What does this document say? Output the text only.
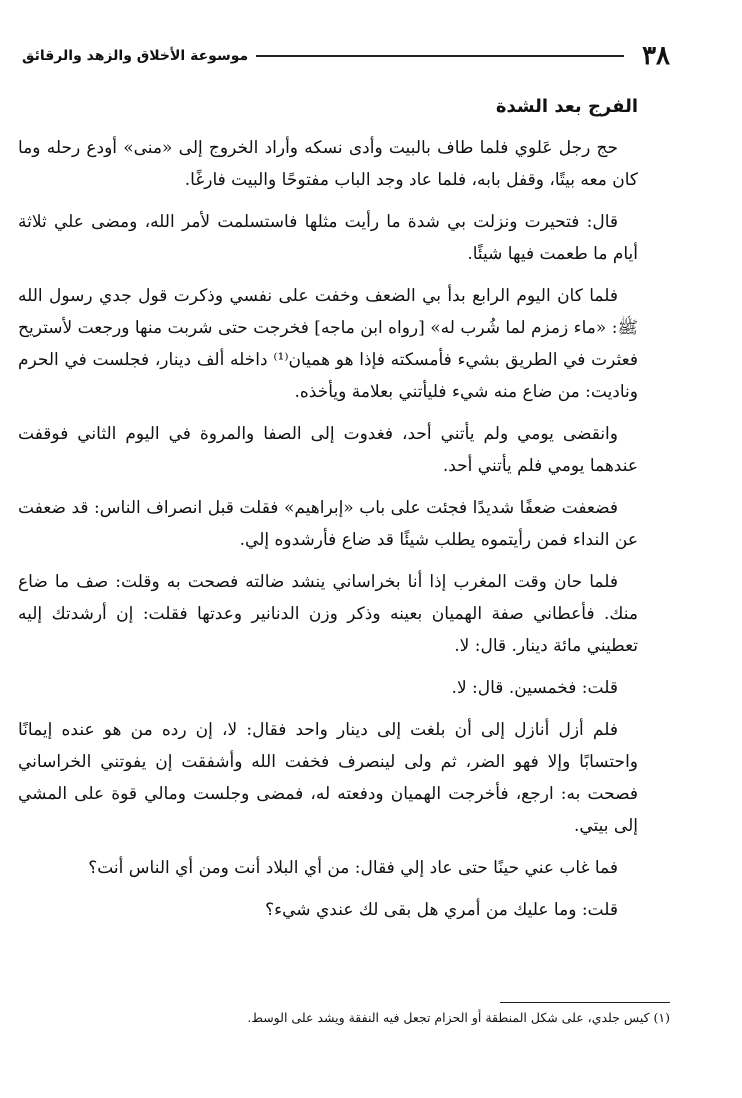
٣٨
موسوعة الأخلاق والزهد والرقائق
الفرج بعد الشدة

حج رجل عَلوي فلما طاف بالبيت وأدى نسكه وأراد الخروج إلى «منى» أودع رحله وما كان معه بيتًا، وقفل بابه، فلما عاد وجد الباب مفتوحًا والبيت فارغًا.

قال: فتحيرت ونزلت بي شدة ما رأيت مثلها فاستسلمت لأمر الله، ومضى علي ثلاثة أيام ما طعمت فيها شيئًا.

فلما كان اليوم الرابع بدأ بي الضعف وخفت على نفسي وذكرت قول جدي رسول الله ﷺ: «ماء زمزم لما شُرب له» [رواه ابن ماجه] فخرجت حتى شربت منها ورجعت لأستريح فعثرت في الطريق بشيء فأمسكته فإذا هو هميان⁽¹⁾ داخله ألف دينار، فجلست في الحرم وناديت: من ضاع منه شيء فليأتني بعلامة ويأخذه.

وانقضى يومي ولم يأتني أحد، فغدوت إلى الصفا والمروة في اليوم الثاني فوقفت عندهما يومي فلم يأتني أحد.

فضعفت ضعفًا شديدًا فجئت على باب «إبراهيم» فقلت قبل انصراف الناس: قد ضعفت عن النداء فمن رأيتموه يطلب شيئًا قد ضاع فأرشدوه إلي.

فلما حان وقت المغرب إذا أنا بخراساني ينشد ضالته فصحت به وقلت: صف ما ضاع منك. فأعطاني صفة الهميان بعينه وذكر وزن الدنانير وعدتها فقلت: إن أرشدتك إليه تعطيني مائة دينار. قال: لا.

قلت: فخمسين. قال: لا.

فلم أزل أنازل إلى أن بلغت إلى دينار واحد فقال: لا، إن رده من هو عنده إيمانًا واحتسابًا وإلا فهو الضر، ثم ولى لينصرف فخفت الله وأشفقت إن يفوتني الخراساني فصحت به: ارجع، فأخرجت الهميان ودفعته له، فمضى وجلست ومالي قوة على المشي إلى بيتي.

فما غاب عني حينًا حتى عاد إلي فقال: من أي البلاد أنت ومن أي الناس أنت؟

قلت: وما عليك من أمري هل بقى لك عندي شيء؟

(١) كيس جلدي، على شكل المنطقة أو الحزام تجعل فيه النفقة ويشد على الوسط.
